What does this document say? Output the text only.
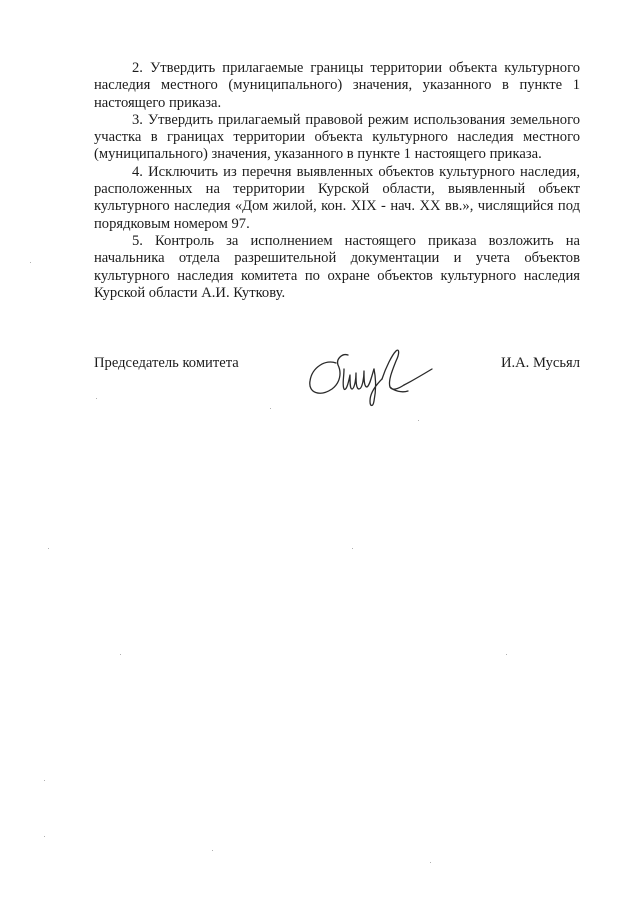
2. Утвердить прилагаемые границы территории объекта культурного наследия местного (муниципального) значения, указанного в пункте 1 настоящего приказа.

3. Утвердить прилагаемый правовой режим использования земельного участка в границах территории объекта культурного наследия местного (муниципального) значения, указанного в пункте 1 настоящего приказа.

4. Исключить из перечня выявленных объектов культурного наследия, расположенных на территории Курской области, выявленный объект культурного наследия «Дом жилой, кон. XIX - нач. XX вв.», числящийся под порядковым номером 97.

5. Контроль за исполнением настоящего приказа возложить на начальника отдела разрешительной документации и учета объектов культурного наследия комитета по охране объектов культурного наследия Курской области А.И. Куткову.

Председатель комитета	И.А. Мусьял
